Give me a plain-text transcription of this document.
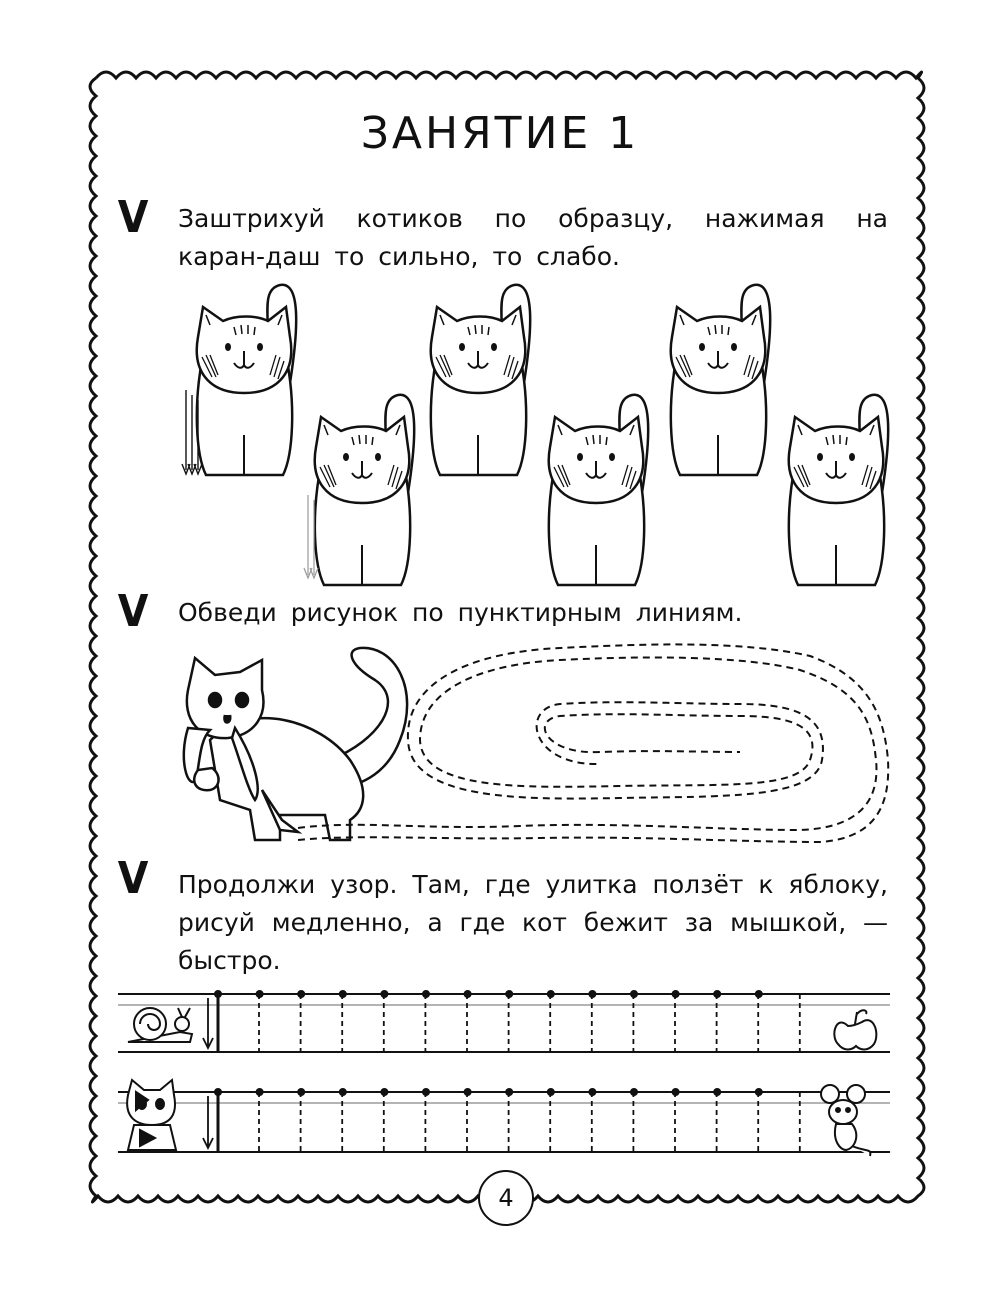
ЗАНЯТИЕ 1
V Заштрихуй котиков по образцу, нажимая на каран-даш то сильно, то слабо.
V Обведи рисунок по пунктирным линиям.
V Продолжи узор. Там, где улитка ползёт к яблоку, рисуй медленно, а где кот бежит за мышкой, — быстро.
4
